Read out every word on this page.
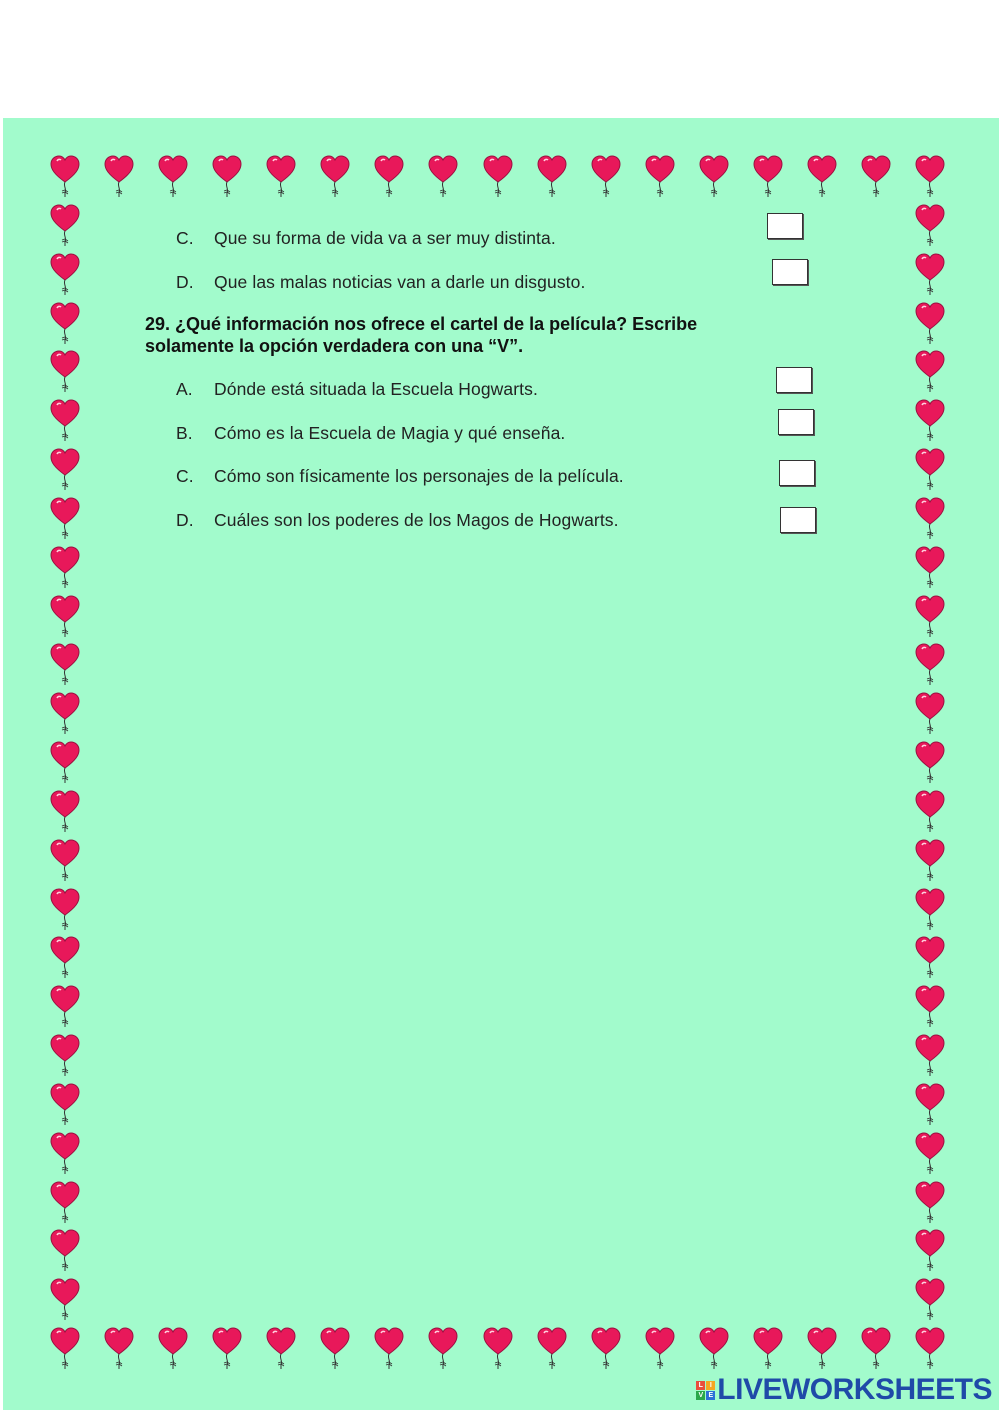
C. Que su forma de vida va a ser muy distinta.
D. Que las malas noticias van a darle un disgusto.
29. ¿Qué información nos ofrece el cartel de la película? Escribe solamente la opción verdadera con una “V”.
A. Dónde está situada la Escuela Hogwarts.
B. Cómo es la Escuela de Magia y qué enseña.
C. Cómo son físicamente los personajes de la película.
D. Cuáles son los poderes de los Magos de Hogwarts.
L I
V E LIVEWORKSHEETS
